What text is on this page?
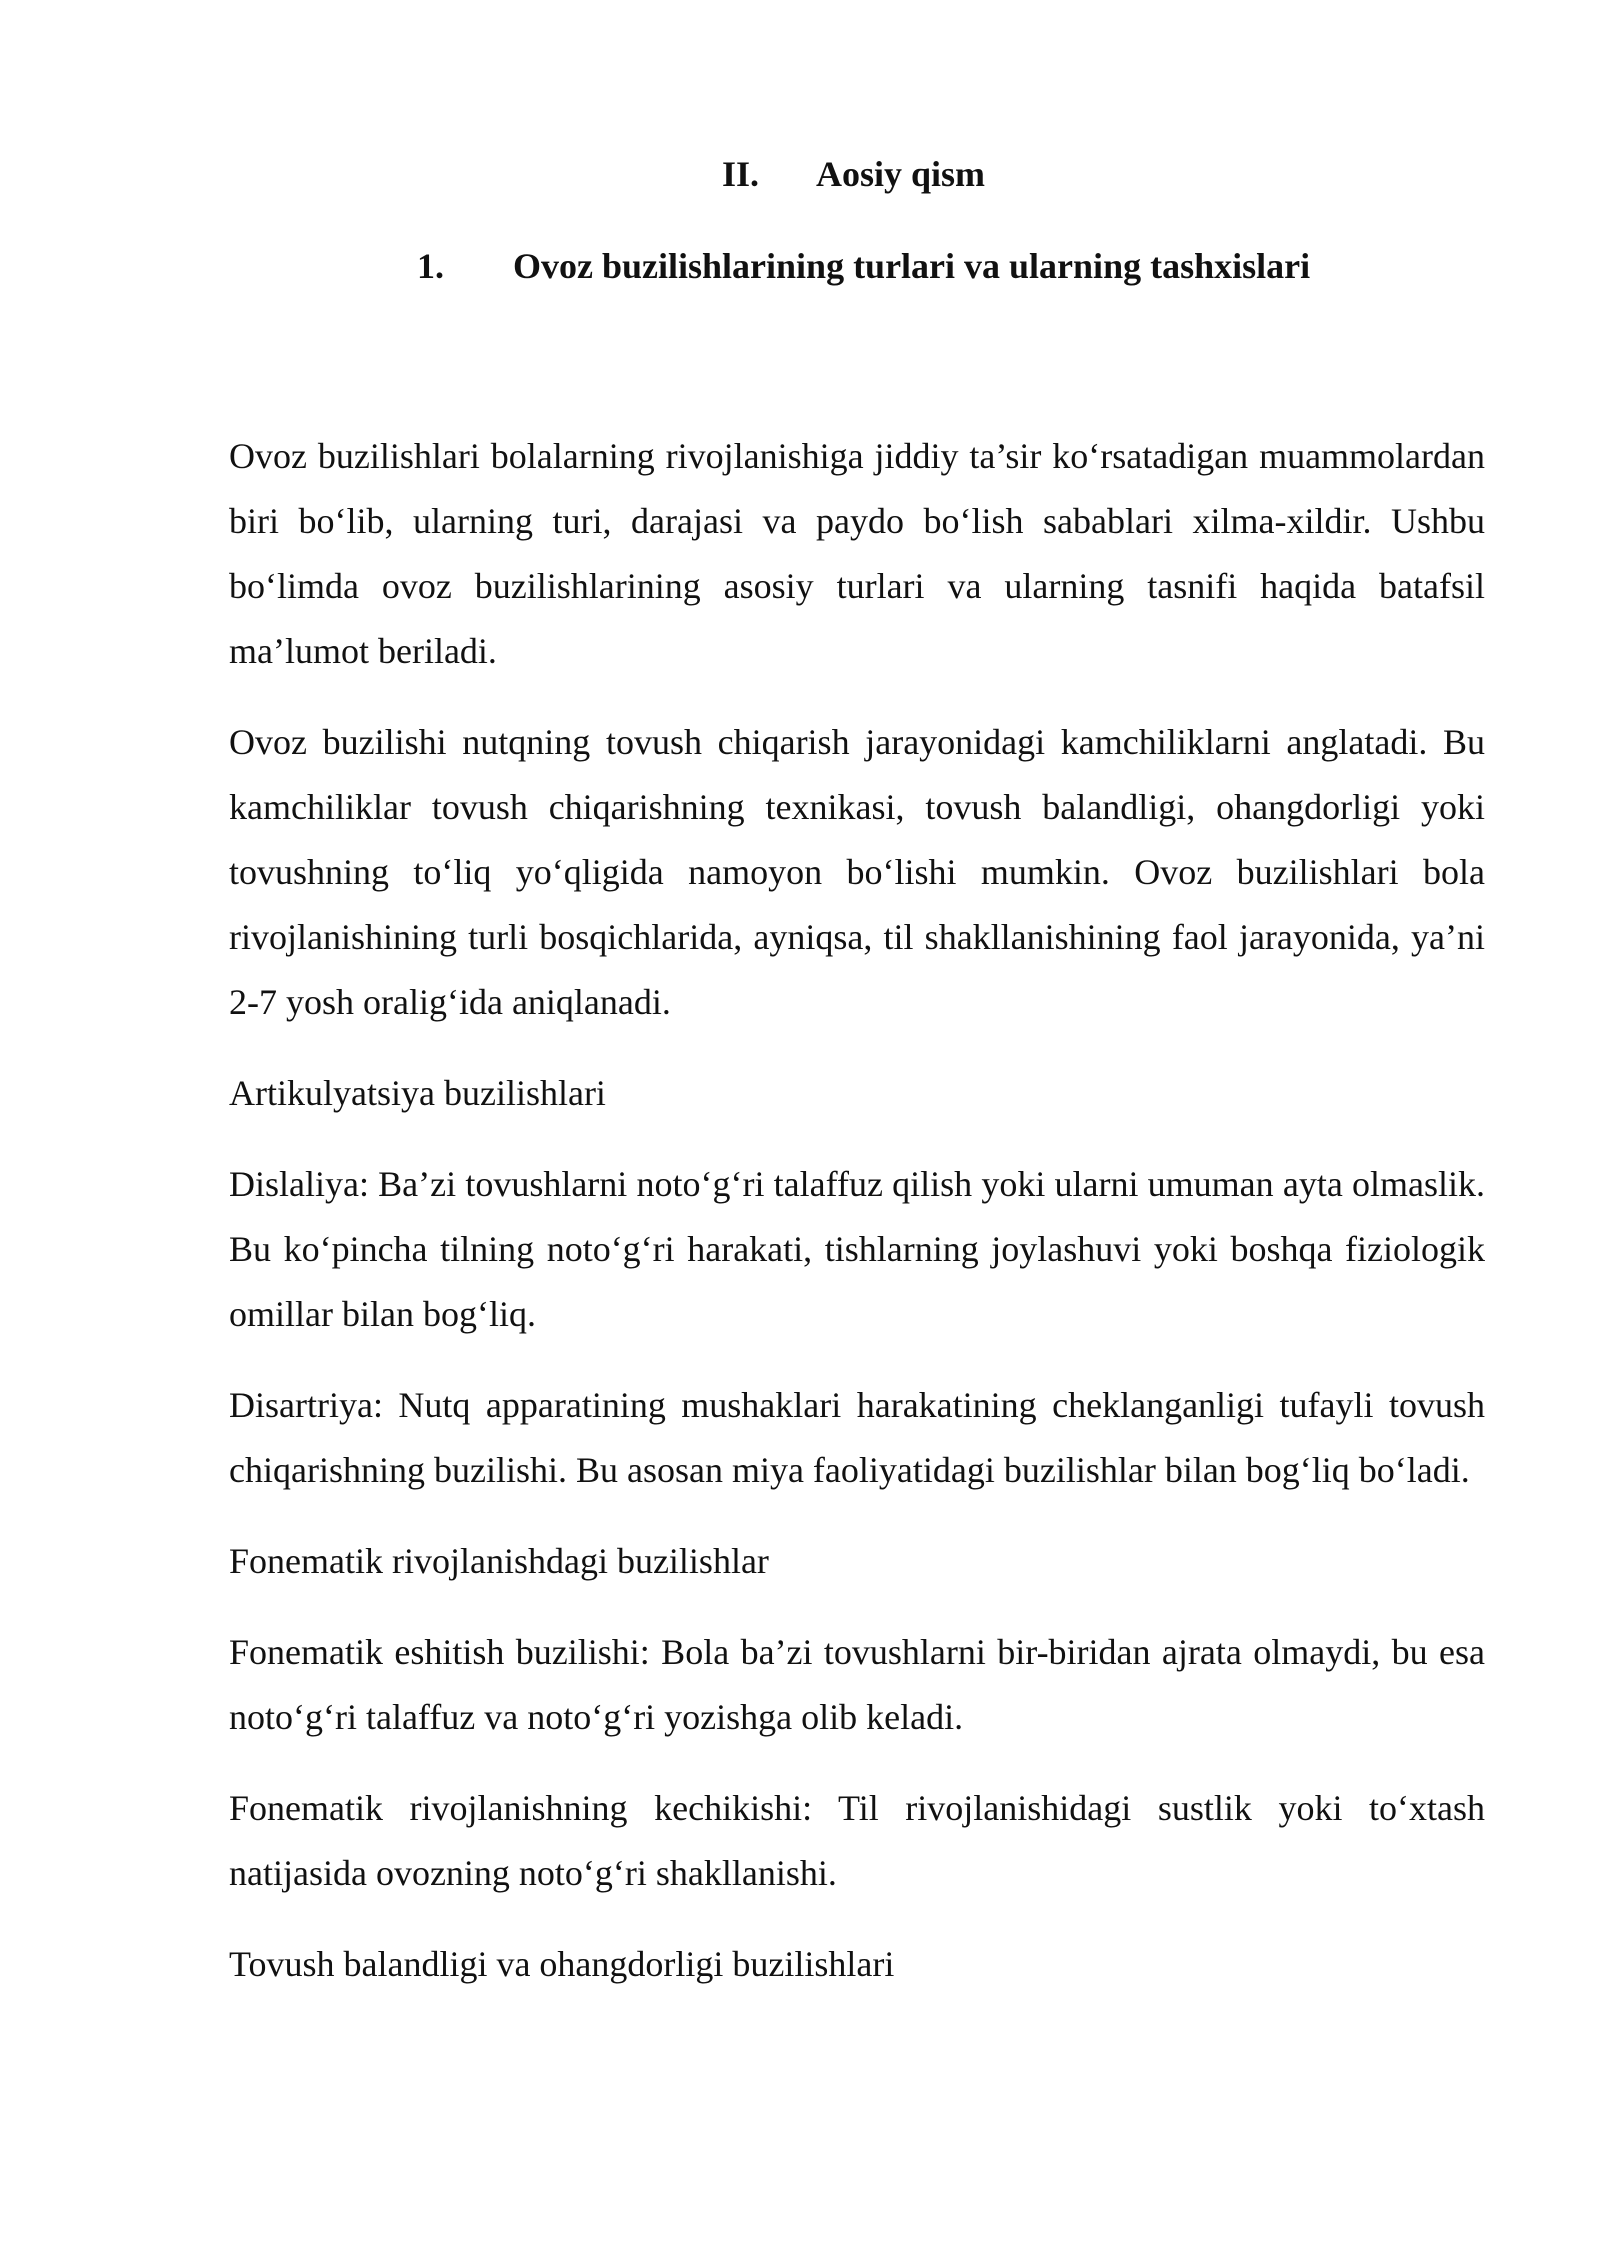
II. Aosiy qism
1. Ovoz buzilishlarining turlari va ularning tashxislari

Ovoz buzilishlari bolalarning rivojlanishiga jiddiy ta’sir ko‘rsatadigan muammolardan biri bo‘lib, ularning turi, darajasi va paydo bo‘lish sabablari xilma-xildir. Ushbu bo‘limda ovoz buzilishlarining asosiy turlari va ularning tasnifi haqida batafsil ma’lumot beriladi.

Ovoz buzilishi nutqning tovush chiqarish jarayonidagi kamchiliklarni anglatadi. Bu kamchiliklar tovush chiqarishning texnikasi, tovush balandligi, ohangdorligi yoki tovushning to‘liq yo‘qligida namoyon bo‘lishi mumkin. Ovoz buzilishlari bola rivojlanishining turli bosqichlarida, ayniqsa, til shakllanishining faol jarayonida, ya’ni 2-7 yosh oralig‘ida aniqlanadi.

Artikulyatsiya buzilishlari

Dislaliya: Ba’zi tovushlarni noto‘g‘ri talaffuz qilish yoki ularni umuman ayta olmaslik. Bu ko‘pincha tilning noto‘g‘ri harakati, tishlarning joylashuvi yoki boshqa fiziologik omillar bilan bog‘liq.

Disartriya: Nutq apparatining mushaklari harakatining cheklanganligi tufayli tovush chiqarishning buzilishi. Bu asosan miya faoliyatidagi buzilishlar bilan bog‘liq bo‘ladi.

Fonematik rivojlanishdagi buzilishlar

Fonematik eshitish buzilishi: Bola ba’zi tovushlarni bir-biridan ajrata olmaydi, bu esa noto‘g‘ri talaffuz va noto‘g‘ri yozishga olib keladi.

Fonematik rivojlanishning kechikishi: Til rivojlanishidagi sustlik yoki to‘xtash natijasida ovozning noto‘g‘ri shakllanishi.

Tovush balandligi va ohangdorligi buzilishlari
